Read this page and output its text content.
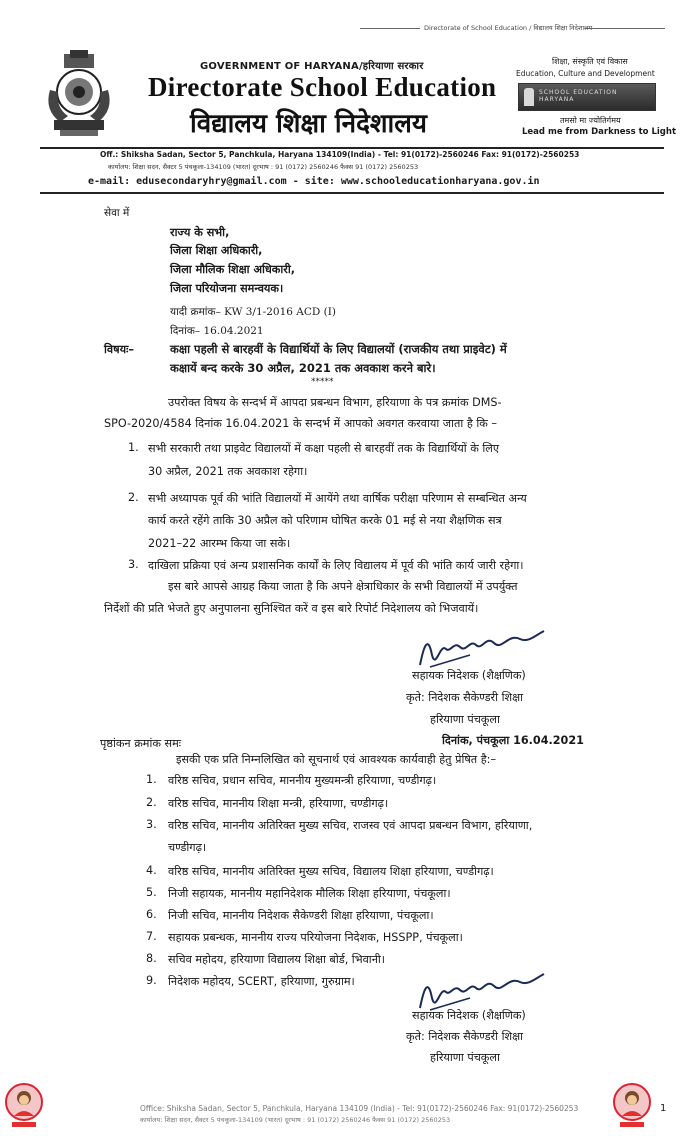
Directorate of School Education / विद्यालय शिक्षा निदेशालय
GOVERNMENT OF HARYANA/हरियाणा सरकार
Directorate School Education
विद्यालय शिक्षा निदेशालय
शिक्षा, संस्कृति एवं विकास
Education, Culture and Development
SCHOOL EDUCATION HARYANA
तमसो मा ज्योतिर्गमय
Lead me from Darkness to Light
Off.: Shiksha Sadan, Sector 5, Panchkula, Haryana 134109(India) - Tel: 91(0172)-2560246 Fax: 91(0172)-2560253
कार्यालय: शिक्षा सदन, सैक्टर 5 पंचकूला-134109 (भारत) दूरभाष : 91 (0172) 2560246 फैक्स 91 (0172) 2560253
e-mail: edusecondaryhry@gmail.com - site: www.schooleducationharyana.gov.in
सेवा में
राज्य के सभी,
जिला शिक्षा अधिकारी,
जिला मौलिक शिक्षा अधिकारी,
जिला परियोजना समन्वयक।
यादी क्रमांक– KW 3/1-2016 ACD (I)
दिनांक– 16.04.2021
विषयः–	कक्षा पहली से बारहवीं के विद्यार्थियों के लिए विद्यालयों (राजकीय तथा प्राइवेट) में
कक्षायें बन्द करके 30 अप्रैल, 2021 तक अवकाश करने बारे।
*****
उपरोक्त विषय के सन्दर्भ में आपदा प्रबन्धन विभाग, हरियाणा के पत्र क्रमांक DMS-
SPO-2020/4584 दिनांक 16.04.2021 के सन्दर्भ में आपको अवगत करवाया जाता है कि –
1. सभी सरकारी तथा प्राइवेट विद्यालयों में कक्षा पहली से बारहवीं तक के विद्यार्थियों के लिए
30 अप्रैल, 2021 तक अवकाश रहेगा।
2. सभी अध्यापक पूर्व की भांति विद्यालयों में आयेंगे तथा वार्षिक परीक्षा परिणाम से सम्बन्धित अन्य
कार्य करते रहेंगे ताकि 30 अप्रैल को परिणाम घोषित करके 01 मई से नया शैक्षणिक सत्र
2021–22 आरम्भ किया जा सके।
3. दाखिला प्रक्रिया एवं अन्य प्रशासनिक कार्यों के लिए विद्यालय में पूर्व की भांति कार्य जारी रहेगा।
इस बारे आपसे आग्रह किया जाता है कि अपने क्षेत्राधिकार के सभी विद्यालयों में उपर्युक्त
निर्देशों की प्रति भेजते हुए अनुपालना सुनिश्चित करें व इस बारे रिपोर्ट निदेशालय को भिजवायें।
सहायक निदेशक (शैक्षणिक)
कृते: निदेशक सैकेण्डरी शिक्षा
हरियाणा पंचकूला
पृष्ठांकन क्रमांक समः	दिनांक, पंचकूला 16.04.2021
इसकी एक प्रति निम्नलिखित को सूचनार्थ एवं आवश्यक कार्यवाही हेतु प्रेषित है:–
1. वरिष्ठ सचिव, प्रधान सचिव, माननीय मुख्यमन्त्री हरियाणा, चण्डीगढ़।
2. वरिष्ठ सचिव, माननीय शिक्षा मन्त्री, हरियाणा, चण्डीगढ़।
3. वरिष्ठ सचिव, माननीय अतिरिक्त मुख्य सचिव, राजस्व एवं आपदा प्रबन्धन विभाग, हरियाणा,
चण्डीगढ़।
4. वरिष्ठ सचिव, माननीय अतिरिक्त मुख्य सचिव, विद्यालय शिक्षा हरियाणा, चण्डीगढ़।
5. निजी सहायक, माननीय महानिदेशक मौलिक शिक्षा हरियाणा, पंचकूला।
6. निजी सचिव, माननीय निदेशक सैकेण्डरी शिक्षा हरियाणा, पंचकूला।
7. सहायक प्रबन्धक, माननीय राज्य परियोजना निदेशक, HSSPP, पंचकूला।
8. सचिव महोदय, हरियाणा विद्यालय शिक्षा बोर्ड, भिवानी।
9. निदेशक महोदय, SCERT, हरियाणा, गुरुग्राम।
सहायक निदेशक (शैक्षणिक)
कृते: निदेशक सैकेण्डरी शिक्षा
हरियाणा पंचकूला
Office: Shiksha Sadan, Sector 5, Panchkula, Haryana 134109 (India) - Tel: 91(0172)-2560246 Fax: 91(0172)-2560253
कार्यालय: शिक्षा सदन, सैक्टर 5 पंचकूला-134109 (भारत) दूरभाष : 91 (0172) 2560246 फैक्स 91 (0172) 2560253
1
